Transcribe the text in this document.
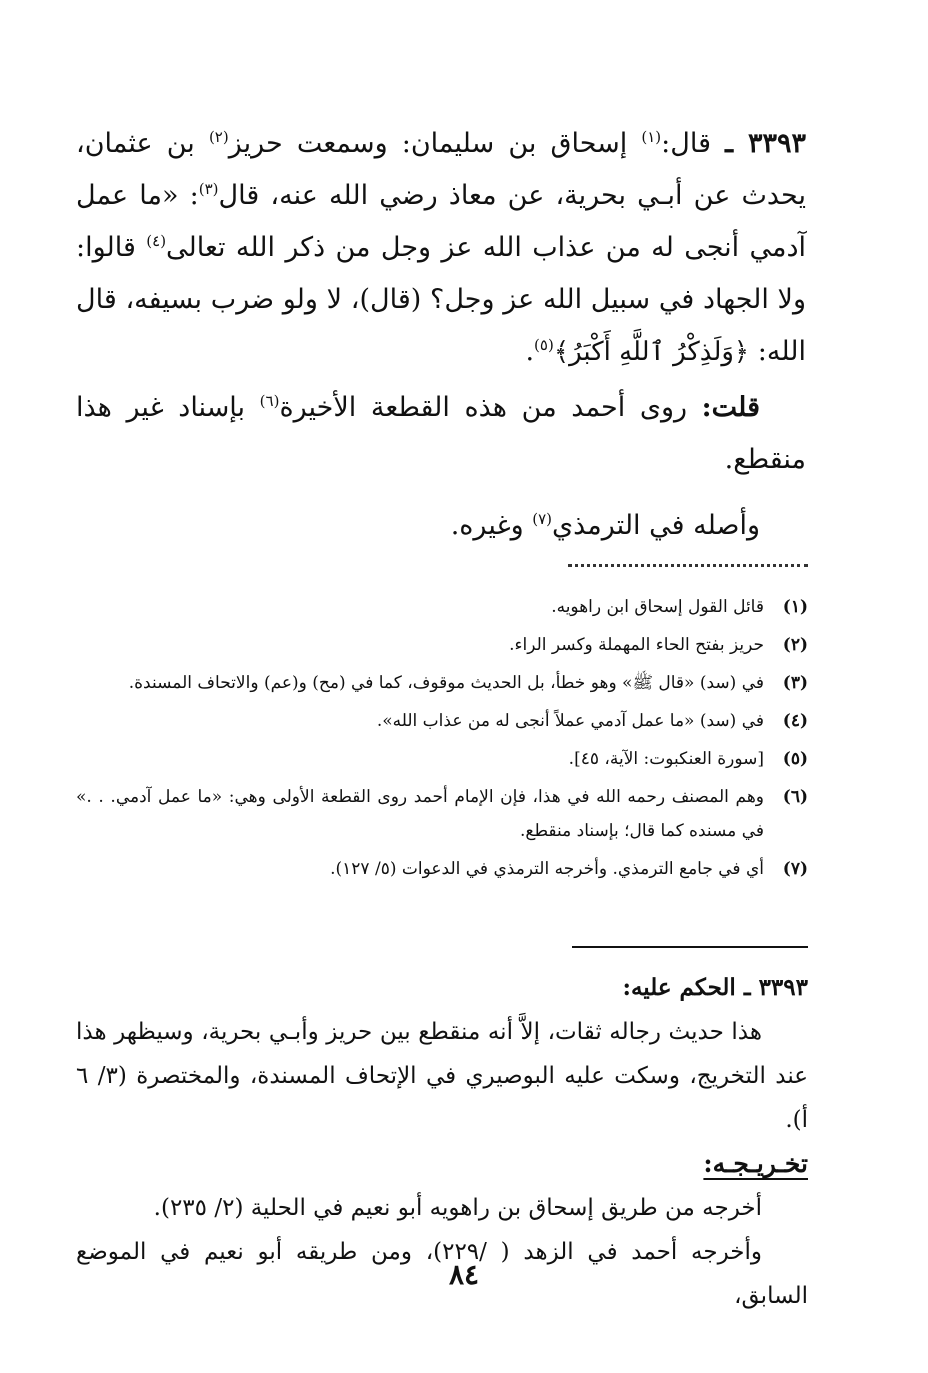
٣٣٩٣ ـ قال:$^{(١)}$ إسحاق بن سليمان: وسمعت حريز$^{(٢)}$ بن عثمان، يحدث عن أبـي بحرية، عن معاذ رضي الله عنه، قال$^{(٣)}$: «ما عمل آدمي أنجى له من عذاب الله عز وجل من ذكر الله تعالى$^{(٤)}$ قالوا: ولا الجهاد في سبيل الله عز وجل؟ (قال)، لا ولو ضرب بسيفه، قال الله: ﴿وَلَذِكْرُ ٱللَّهِ أَكْبَرُ﴾$^{(٥)}$.

قلت: روى أحمد من هذه القطعة الأخيرة$^{(٦)}$ بإسناد غير هذا منقطع.

وأصله في الترمذي$^{(٧)}$ وغيره.

(١)
قائل القول إسحاق ابن راهويه.
(٢)
حريز بفتح الحاء المهملة وكسر الراء.
(٣)
في (سد) «قال ﷺ» وهو خطأ، بل الحديث موقوف، كما في (مح) و(عم) والاتحاف المسندة.
(٤)
في (سد) «ما عمل آدمي عملاً أنجى له من عذاب الله».
(٥)
[سورة العنكبوت: الآية، ٤٥].
(٦)
وهم المصنف رحمه الله في هذا، فإن الإمام أحمد روى القطعة الأولى وهي: «ما عمل آدمي. . .» في مسنده كما قال؛ بإسناد منقطع.
(٧)
أي في جامع الترمذي. وأخرجه الترمذي في الدعوات (٥/ ١٢٧).

٣٣٩٣ ـ الحكم عليه:

هذا حديث رجاله ثقات، إلاَّ أنه منقطع بين حريز وأبـي بحرية، وسيظهر هذا عند التخريج، وسكت عليه البوصيري في الإتحاف المسندة، والمختصرة (٣/ ٦ أ).

تخـريـجـه:

أخرجه من طريق إسحاق بن راهويه أبو نعيم في الحلية (٢/ ٢٣٥).

وأخرجه أحمد في الزهد ( /٢٢٩)، ومن طريقه أبو نعيم في الموضع السابق،

٨٤
